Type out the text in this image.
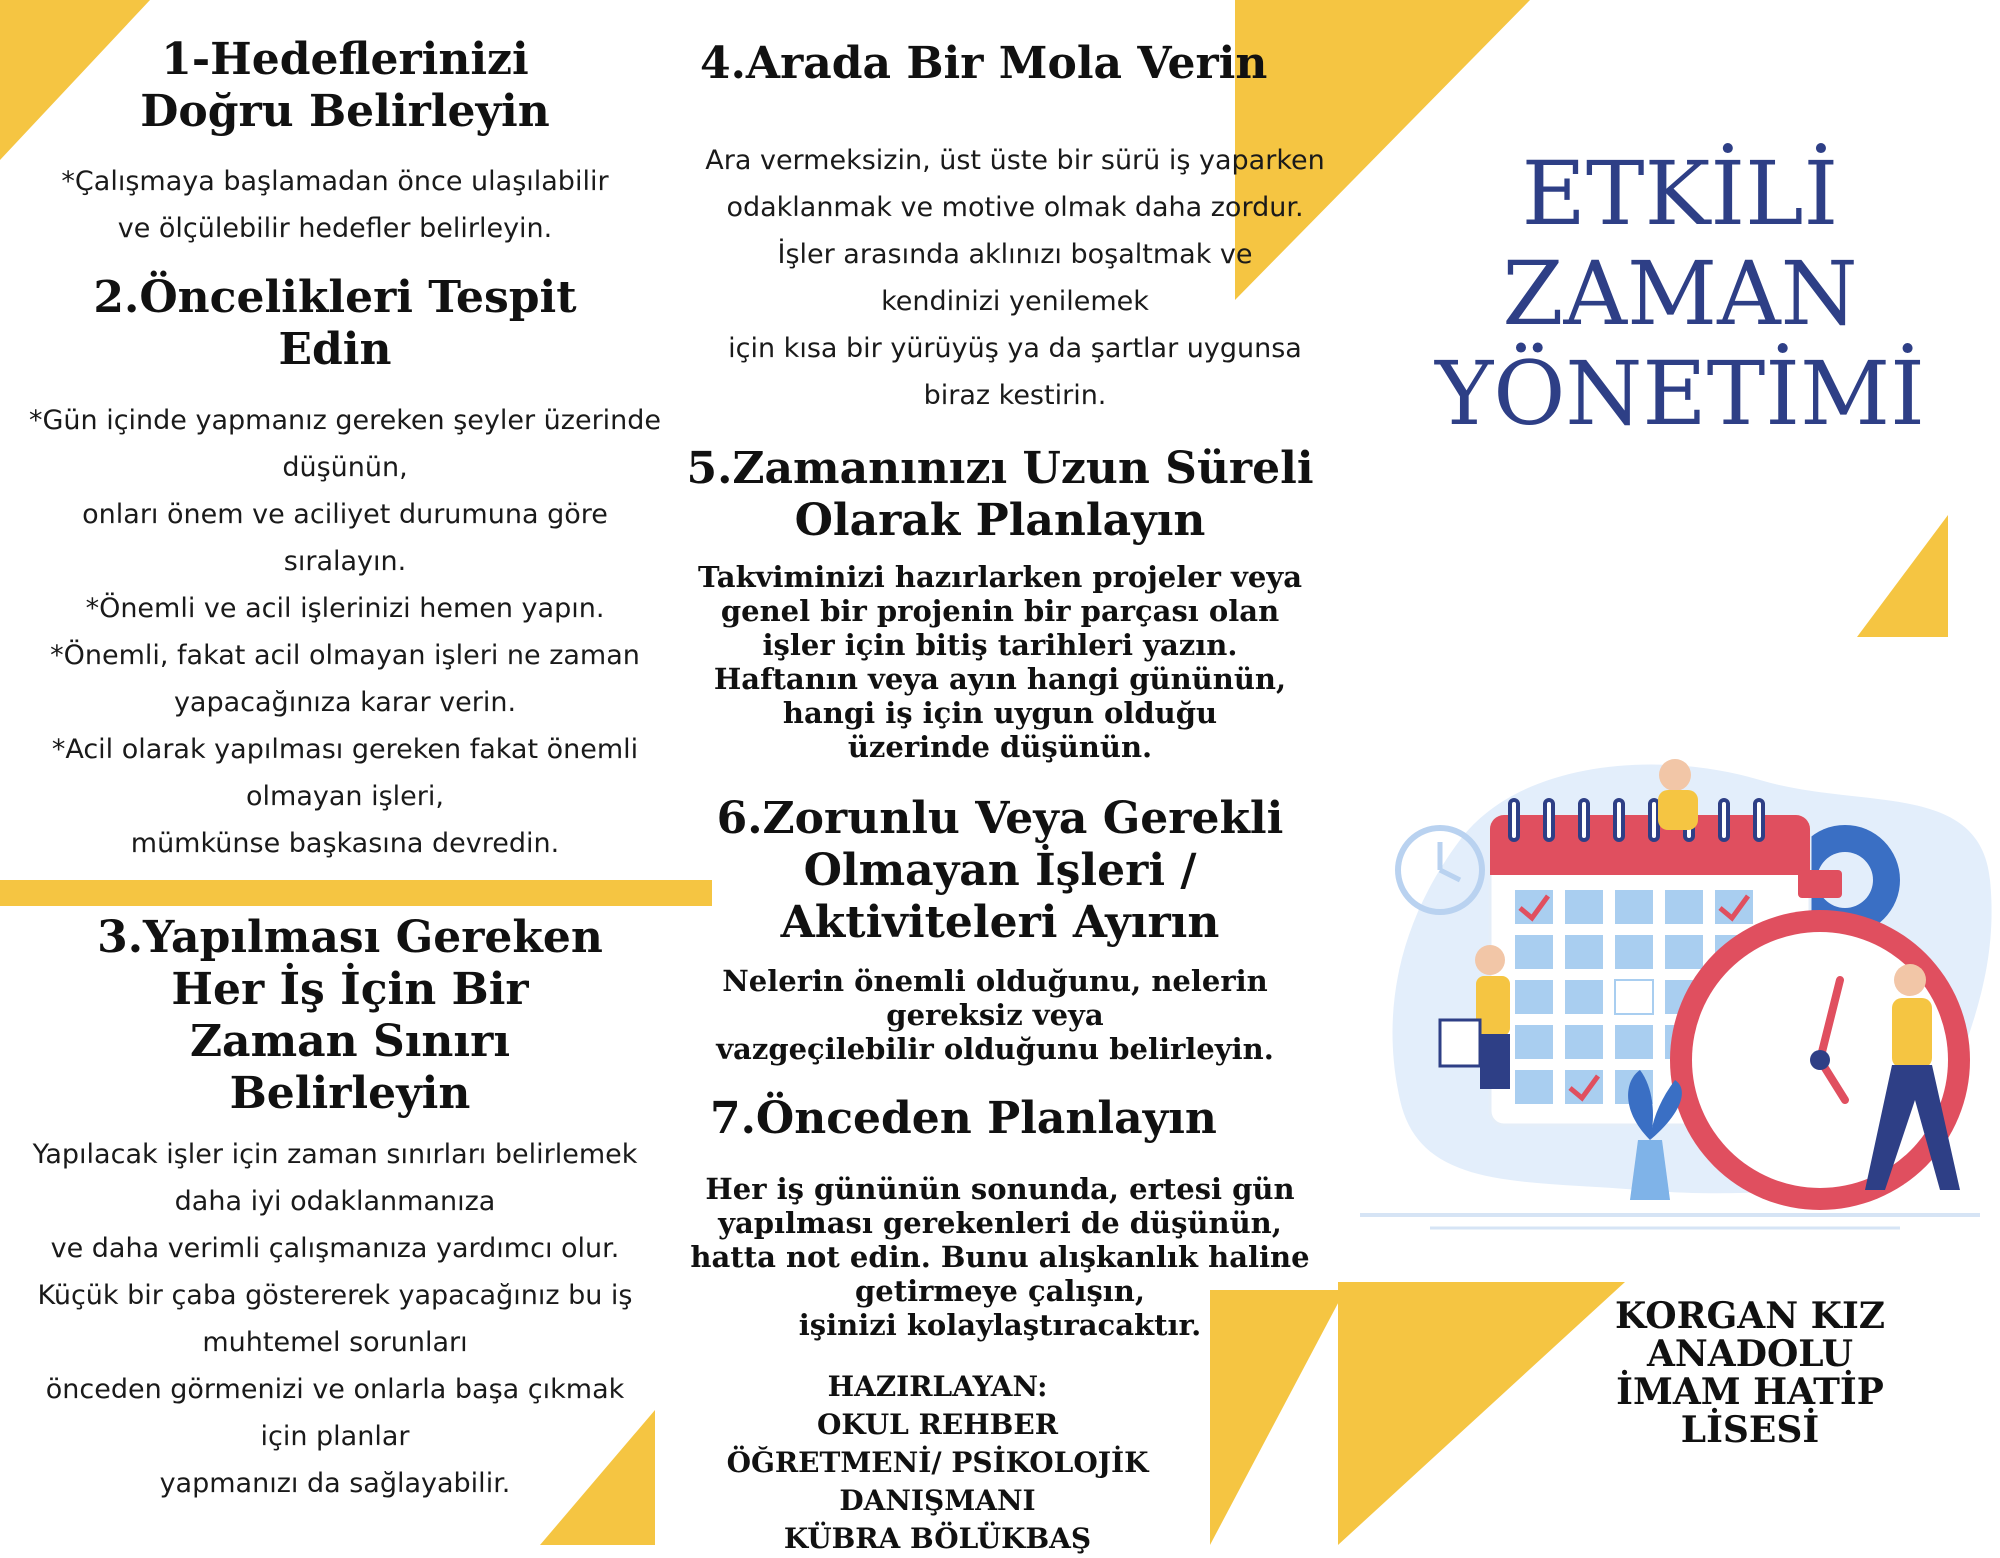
1-Hedeflerinizi
Doğru Belirleyin
*Çalışmaya başlamadan önce ulaşılabilir
ve ölçülebilir hedefler belirleyin.
2.Öncelikleri Tespit
Edin
*Gün içinde yapmanız gereken şeyler üzerinde
düşünün,
onları önem ve aciliyet durumuna göre
sıralayın.
*Önemli ve acil işlerinizi hemen yapın.
*Önemli, fakat acil olmayan işleri ne zaman
yapacağınıza karar verin.
*Acil olarak yapılması gereken fakat önemli
olmayan işleri,
mümkünse başkasına devredin.
3.Yapılması Gereken
Her İş İçin Bir
Zaman Sınırı
Belirleyin
Yapılacak işler için zaman sınırları belirlemek
daha iyi odaklanmanıza
ve daha verimli çalışmanıza yardımcı olur.
Küçük bir çaba göstererek yapacağınız bu iş
muhtemel sorunları
önceden görmenizi ve onlarla başa çıkmak
için planlar
yapmanızı da sağlayabilir.
4.Arada Bir Mola Verin
Ara vermeksizin, üst üste bir sürü iş yaparken
odaklanmak ve motive olmak daha zordur.
İşler arasında aklınızı boşaltmak ve
kendinizi yenilemek
için kısa bir yürüyüş ya da şartlar uygunsa
biraz kestirin.
5.Zamanınızı Uzun Süreli
Olarak Planlayın
Takviminizi hazırlarken projeler veya
genel bir projenin bir parçası olan
işler için bitiş tarihleri yazın.
Haftanın veya ayın hangi gününün,
hangi iş için uygun olduğu
üzerinde düşünün.
6.Zorunlu Veya Gerekli
Olmayan İşleri /
Aktiviteleri Ayırın
Nelerin önemli olduğunu, nelerin
gereksiz veya
vazgeçilebilir olduğunu belirleyin.
7.Önceden Planlayın
Her iş gününün sonunda, ertesi gün
yapılması gerekenleri de düşünün,
hatta not edin. Bunu alışkanlık haline
getirmeye çalışın,
işinizi kolaylaştıracaktır.
HAZIRLAYAN:
OKUL REHBER
ÖĞRETMENİ/ PSİKOLOJİK
DANIŞMANI
KÜBRA BÖLÜKBAŞ
ETKİLİ
ZAMAN
YÖNETİMİ
KORGAN KIZ
ANADOLU
İMAM HATİP
LİSESİ
